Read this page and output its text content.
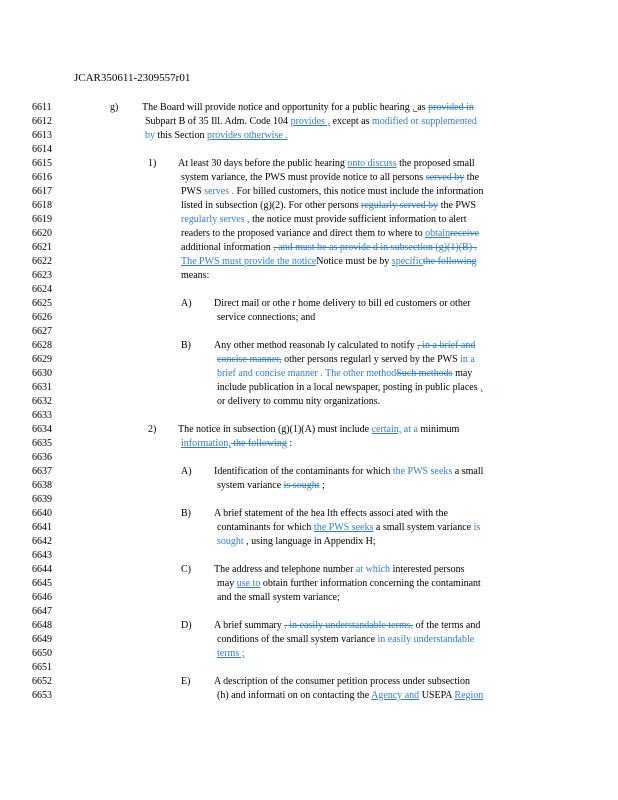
JCAR350611-2309557r01
6611
6612
6613
6614
6615
6616
6617
6618
6619
6620
6621
6622
6623
6624
6625
6626
6627
6628
6629
6630
6631
6632
6633
6634
6635
6636
6637
6638
6639
6640
6641
6642
6643
6644
6645
6646
6647
6648
6649
6650
6651
6652
6653
g) The Board will provide notice and opportunity for a public hearing , as provided in
Subpart B of 35 Ill. Adm. Code 104 provides , except as modified or supplemented
by this Section provides otherwise .
1) At least 30 days before the public hearing onto discuss the proposed small
system variance, the PWS must provide notice to all persons served by the
PWS serves . For billed customers, this notice must include the information
listed in subsection (g)(2). For other persons regularly served by the PWS
regularly serves , the notice must provide sufficient information to alert
readers to the proposed variance and direct them to where to obtainreceive
additional information , and must be as provide d in subsection (g)(1)(B) .
The PWS must provide the noticeNotice must be by specificthe following
means:
A) Direct mail or othe r home delivery to bill ed customers or other
service connections; and
B) Any other method reasonab ly calculated to notify , in a brief and
concise manner, other persons regularl y served by the PWS in a
brief and concise manner . The other methodSuch methods may
include publication in a local newspaper, posting in public places ,
or delivery to commu nity organizations.
2) The notice in subsection (g)(1)(A) must include certain, at a minimum
information, the following :
A) Identification of the contaminants for which the PWS seeks a small
system variance is sought ;
B) A brief statement of the hea lth effects associ ated with the
contaminants for which the PWS seeks a small system variance is
sought , using language in Appendix H;
C) The address and telephone number at which interested persons
may use to obtain further information concerning the contaminant
and the small system variance;
D) A brief summary , in easily understandable terms, of the terms and
conditions of the small system variance in easily understandable
terms ;
E) A description of the consumer petition process under subsection
(h) and informati on on contacting the Agency and USEPA Region
